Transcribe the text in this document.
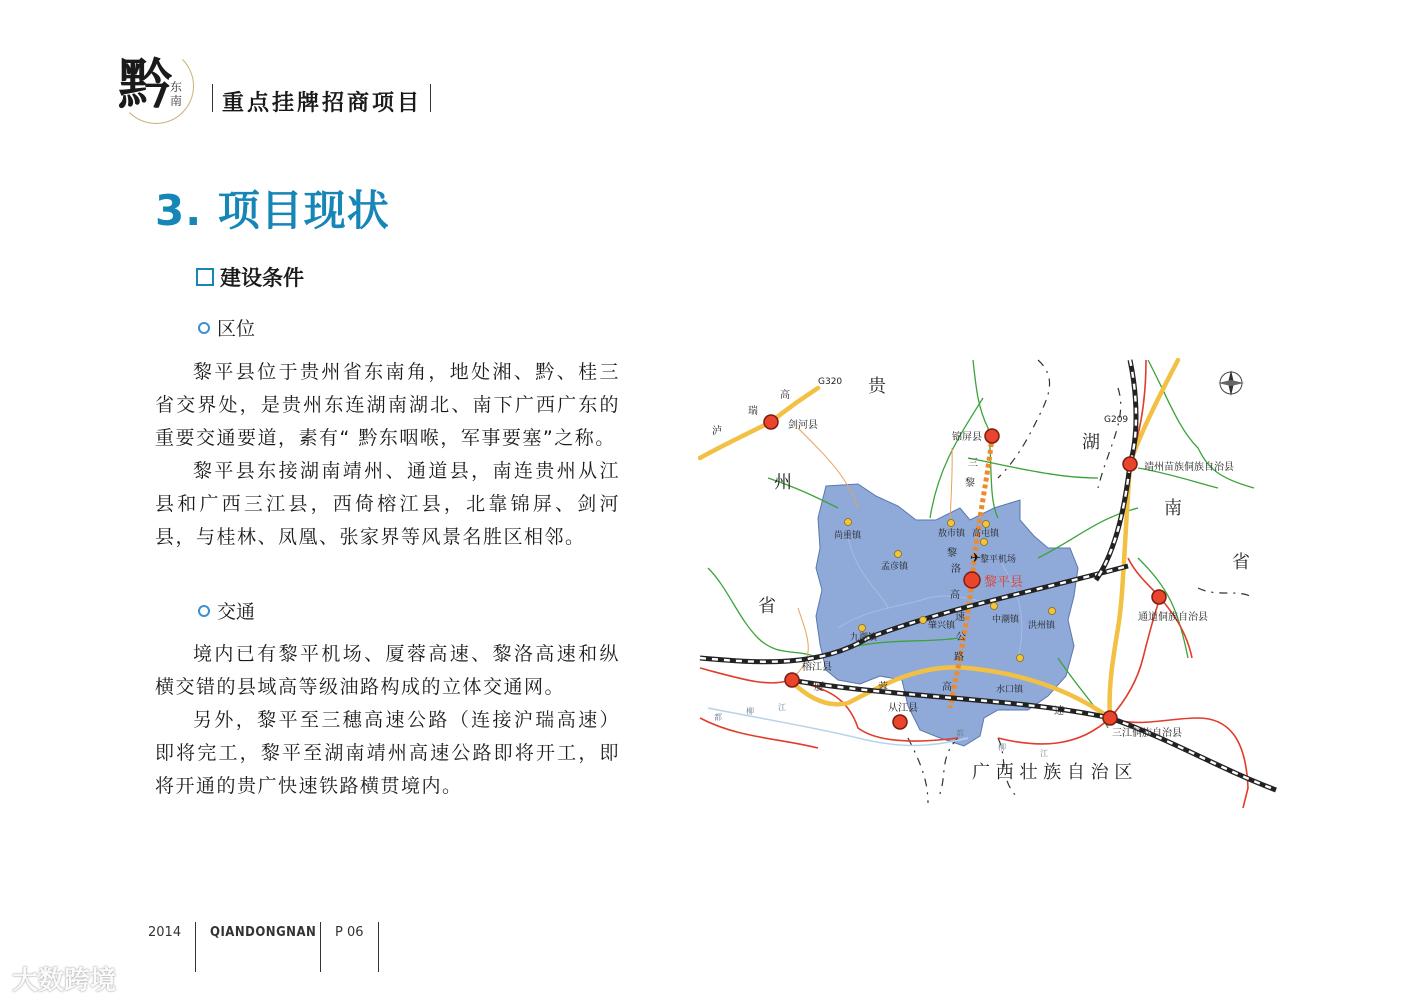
黔 东南 重点挂牌招商项目
3. 项目现状
建设条件
区位

黎平县位于贵州省东南角，地处湘、黔、桂三省交界处，是贵州东连湖南湖北、南下广西广东的重要交通要道，素有“ 黔东咽喉，军事要塞”之称。

黎平县东接湖南靖州、通道县，南连贵州从江县和广西三江县，西倚榕江县，北靠锦屏、剑河县，与桂林、凤凰、张家界等风景名胜区相邻。

交通

境内已有黎平机场、厦蓉高速、黎洛高速和纵横交错的县域高等级油路构成的立体交通网。

另外，黎平至三穗高速公路（连接沪瑞高速）即将完工，黎平至湖南靖州高速公路即将开工，即将开通的贵广快速铁路横贯境内。

✈
贵
州
省
湖
南
省
广 西 壮 族 自 治 区
G320
G209
高
瑞
泸
三
黎
黎
洛
高
速
公
路
厦	蓉	高
速
都
柳	江
都
柳
江
剑河县
锦屏县
靖州苗族侗族自治县
通道侗族自治县
榕江县
从江县
三江侗族自治县
黎平县
尚重镇	敖市镇 高屯镇
孟彦镇
黎平机场
中潮镇
洪州镇
九潮镇
肇兴镇
水口镇
2014 QIANDONGNAN P 06
大数跨境
